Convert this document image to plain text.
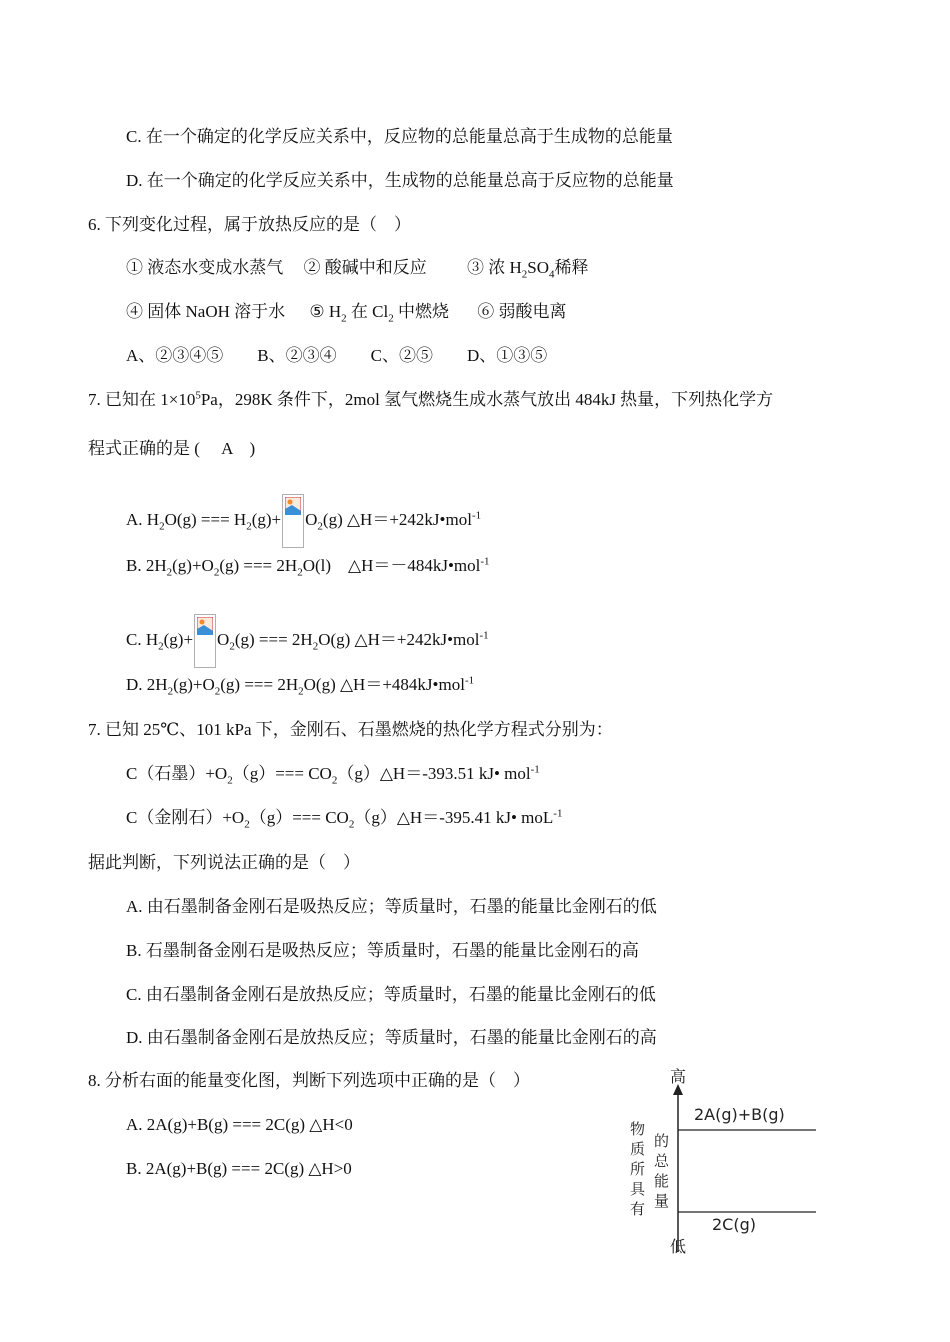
C. 在一个确定的化学反应关系中，反应物的总能量总高于生成物的总能量
D. 在一个确定的化学反应关系中，生成物的总能量总高于反应物的总能量
6. 下列变化过程，属于放热反应的是（　）
① 液态水变成水蒸气 ② 酸碱中和反应 ③ 浓 $H_2SO_4$稀释
④ 固体 NaOH 溶于水 ⑤ $H_2$ 在 $Cl_2$ 中燃烧 ⑥ 弱酸电离
A、②③④⑤　　B、②③④　　C、②⑤　　D、①③⑤
7. 已知在 $1\times 10^5Pa$，298K 条件下，2mol 氢气燃烧生成水蒸气放出 484kJ 热量，下列热化学方
程式正确的是 ( 　A　)
A. $H_2O(g)$ === $H_2(g)+ O_2(g)$ △H＝+242kJ•mol$^{-1}$
B. $2H_2(g)+O_2(g)$ === $2H_2O(l)$　△H＝－484kJ•mol$^{-1}$
C. $H_2(g)+ O_2(g)$ === $2H_2O(g)$ △H＝+242kJ•mol$^{-1}$
D. $2H_2(g)+O_2(g)$ === $2H_2O(g)$ △H＝+484kJ•mol$^{-1}$
7. 已知 25℃、101 kPa 下，金刚石、石墨燃烧的热化学方程式分别为：
C（石墨）$+O_2(g)===$ $CO_2(g)\triangle H=-393.51$ kJ• mol$^{-1}$
C（金刚石）$+O_2(g)===$ $CO_2(g)\triangle H=-395.41$ kJ• moL$^{-1}$
据此判断，下列说法正确的是（　）
A. 由石墨制备金刚石是吸热反应；等质量时，石墨的能量比金刚石的低
B. 石墨制备金刚石是吸热反应；等质量时，石墨的能量比金刚石的高
C. 由石墨制备金刚石是放热反应；等质量时，石墨的能量比金刚石的低
D. 由石墨制备金刚石是放热反应；等质量时，石墨的能量比金刚石的高
8. 分析右面的能量变化图，判断下列选项中正确的是（　）
A. 2A(g)+B(g) === 2C(g) △H<0
B. 2A(g)+B(g) === 2C(g) △H>0
高
低
2A(g)+B(g)
2C(g)
物
质
所
具
有
的
总
能
量
